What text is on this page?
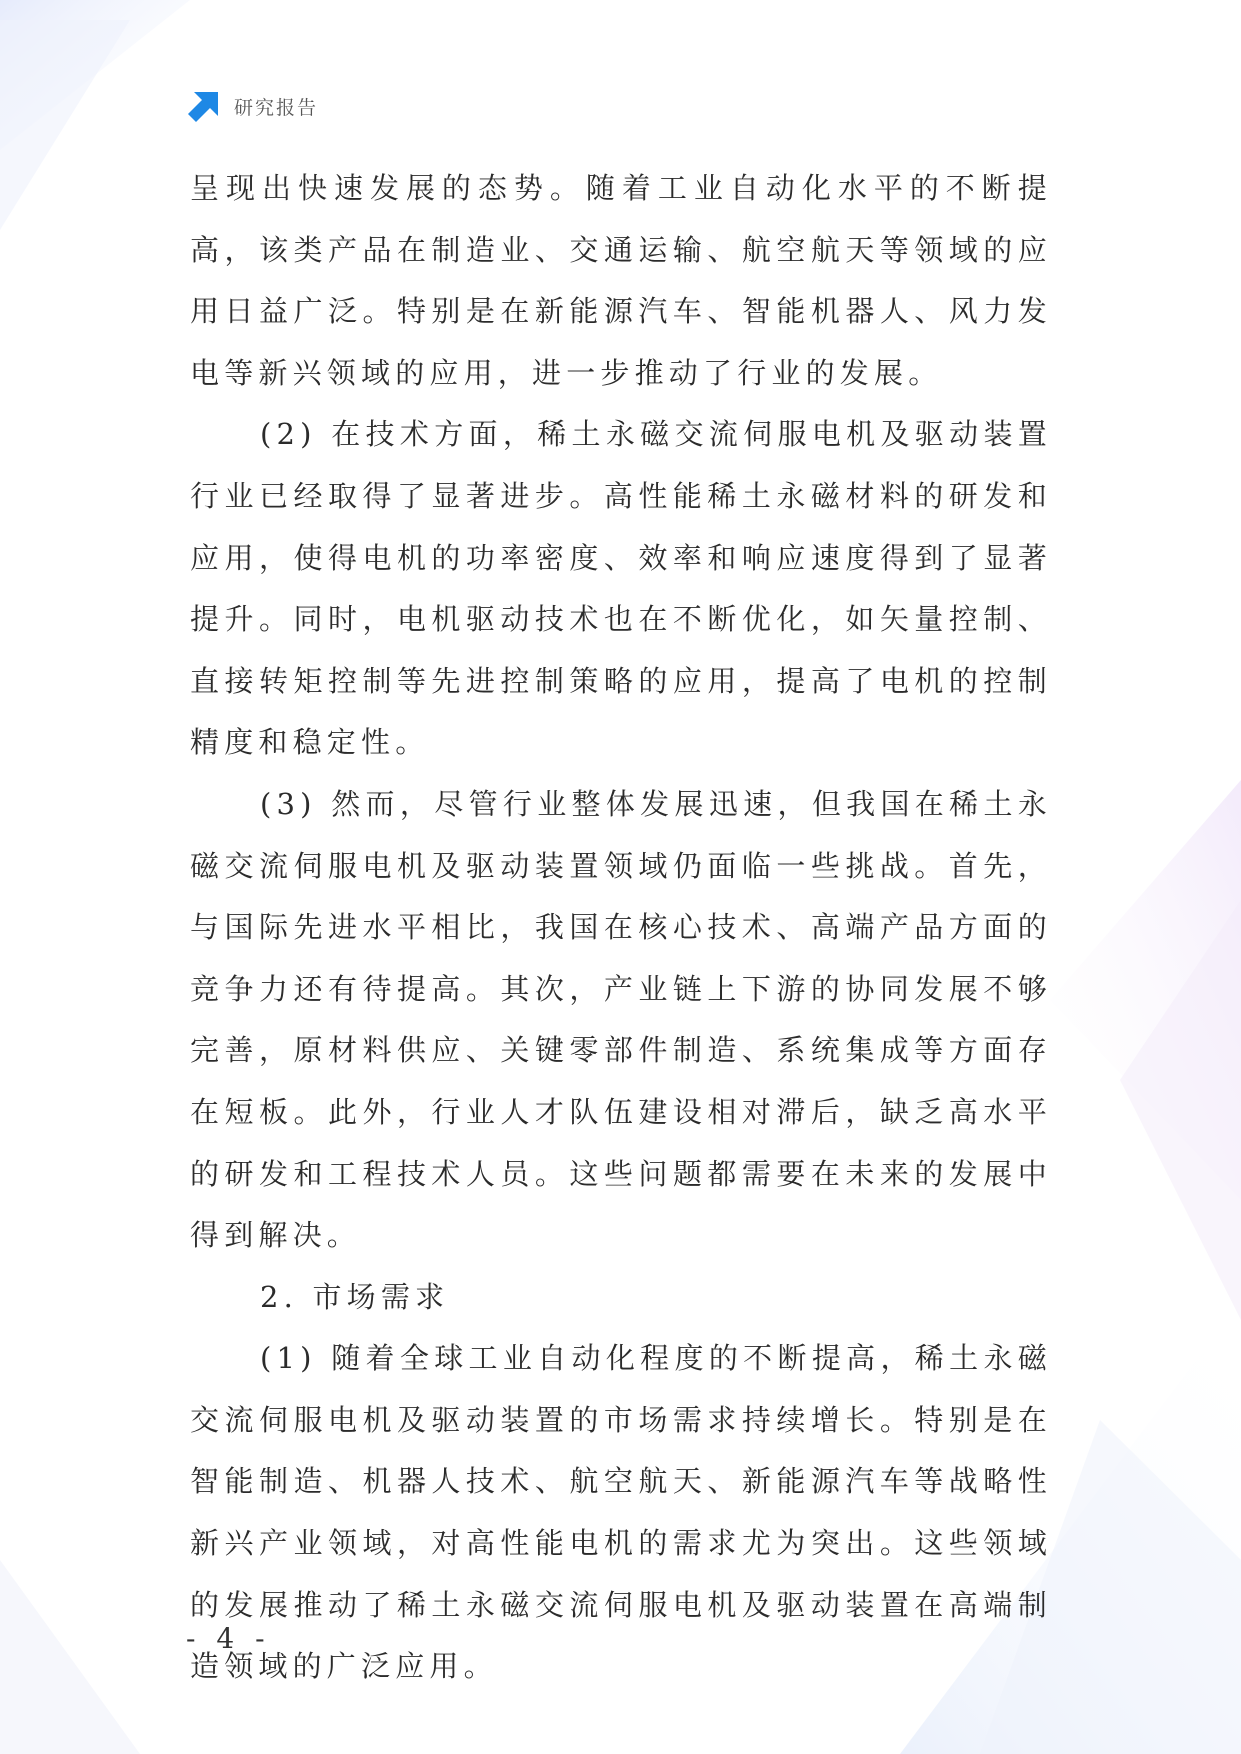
研究报告

呈现出快速发展的态势。随着工业自动化水平的不断提高，该类产品在制造业、交通运输、航空航天等领域的应用日益广泛。特别是在新能源汽车、智能机器人、风力发电等新兴领域的应用，进一步推动了行业的发展。

(2) 在技术方面，稀土永磁交流伺服电机及驱动装置行业已经取得了显著进步。高性能稀土永磁材料的研发和应用，使得电机的功率密度、效率和响应速度得到了显著提升。同时，电机驱动技术也在不断优化，如矢量控制、直接转矩控制等先进控制策略的应用，提高了电机的控制精度和稳定性。

(3) 然而，尽管行业整体发展迅速，但我国在稀土永磁交流伺服电机及驱动装置领域仍面临一些挑战。首先，与国际先进水平相比，我国在核心技术、高端产品方面的竞争力还有待提高。其次，产业链上下游的协同发展不够完善，原材料供应、关键零部件制造、系统集成等方面存在短板。此外，行业人才队伍建设相对滞后，缺乏高水平的研发和工程技术人员。这些问题都需要在未来的发展中得到解决。

2. 市场需求

(1) 随着全球工业自动化程度的不断提高，稀土永磁交流伺服电机及驱动装置的市场需求持续增长。特别是在智能制造、机器人技术、航空航天、新能源汽车等战略性新兴产业领域，对高性能电机的需求尤为突出。这些领域的发展推动了稀土永磁交流伺服电机及驱动装置在高端制造领域的广泛应用。

- 4 -
